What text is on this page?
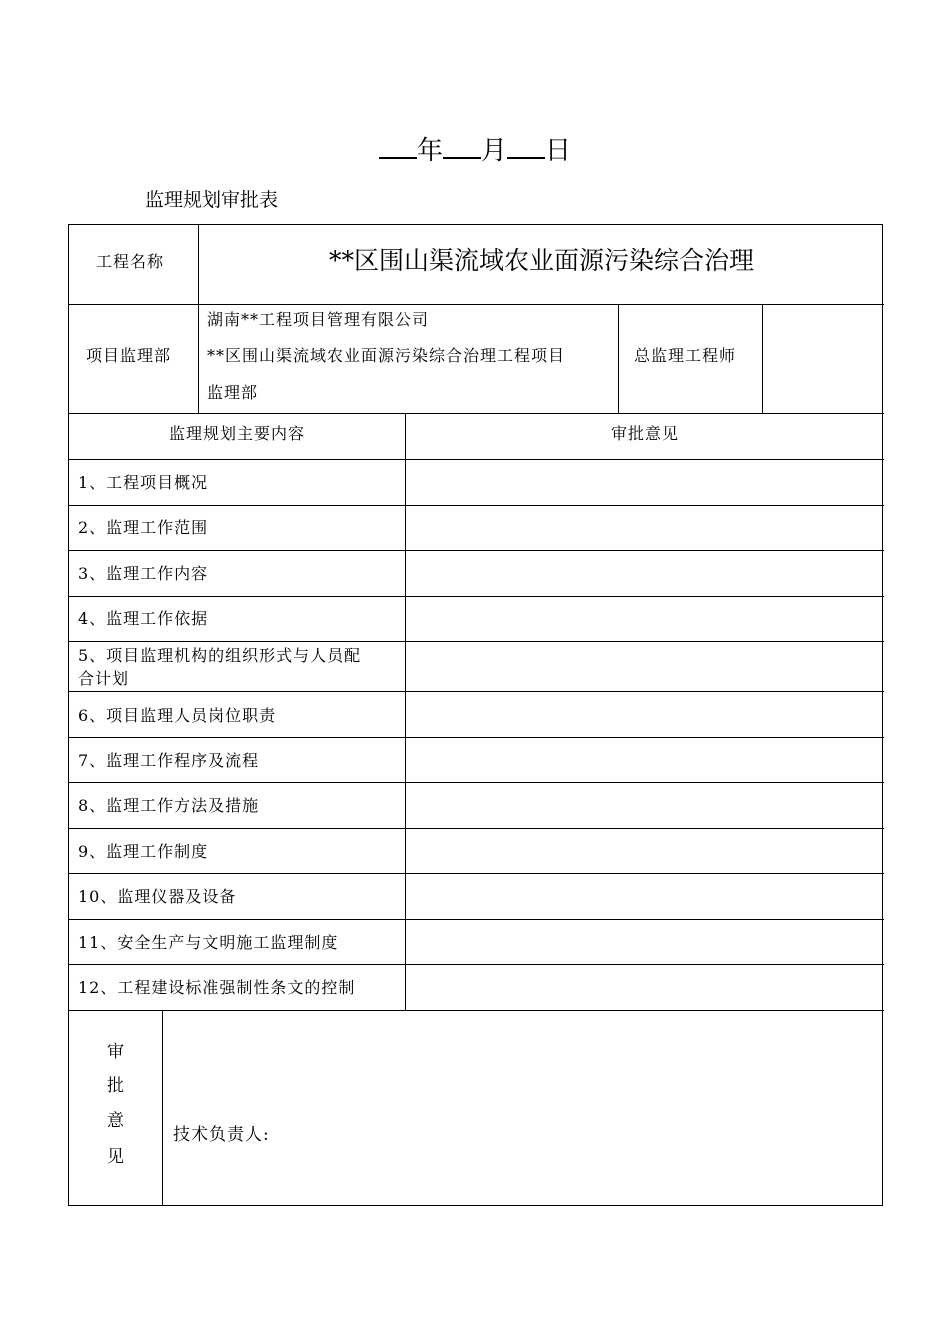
年 月 日
监理规划审批表
工程名称	**区围山渠流域农业面源污染综合治理
项目监理部
湖南**工程项目管理有限公司
**区围山渠流域农业面源污染综合治理工程项目
监理部
总监理工程师
监理规划主要内容	审批意见
1、工程项目概况
2、监理工作范围
3、监理工作内容
4、监理工作依据
5、项目监理机构的组织形式与人员配
合计划
6、项目监理人员岗位职责
7、监理工作程序及流程
8、监理工作方法及措施
9、监理工作制度
10、监理仪器及设备
11、安全生产与文明施工监理制度
12、工程建设标准强制性条文的控制
审
批
意
见
技术负责人:
